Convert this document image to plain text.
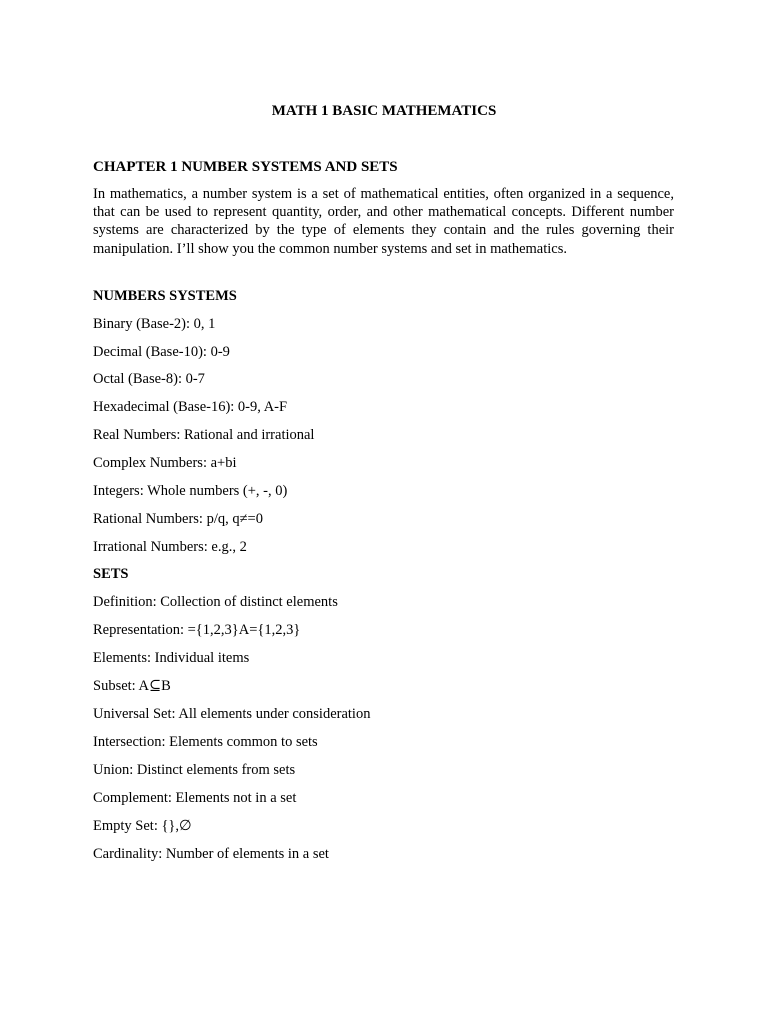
MATH 1 BASIC MATHEMATICS
CHAPTER 1 NUMBER SYSTEMS AND SETS

In mathematics, a number system is a set of mathematical entities, often organized in a sequence, that can be used to represent quantity, order, and other mathematical concepts. Different number systems are characterized by the type of elements they contain and the rules governing their manipulation. I’ll show you the common number systems and set in mathematics.

NUMBERS SYSTEMS

Binary (Base-2): 0, 1

Decimal (Base-10): 0-9

Octal (Base-8): 0-7

Hexadecimal (Base-16): 0-9, A-F

Real Numbers: Rational and irrational

Complex Numbers: a+bi

Integers: Whole numbers (+, -, 0)

Rational Numbers: p/q, q≠=0

Irrational Numbers: e.g., 2

SETS

Definition: Collection of distinct elements

Representation: ={1,2,3}A={1,2,3}

Elements: Individual items

Subset: A⊆B

Universal Set: All elements under consideration

Intersection: Elements common to sets

Union: Distinct elements from sets

Complement: Elements not in a set

Empty Set: {},∅

Cardinality: Number of elements in a set
